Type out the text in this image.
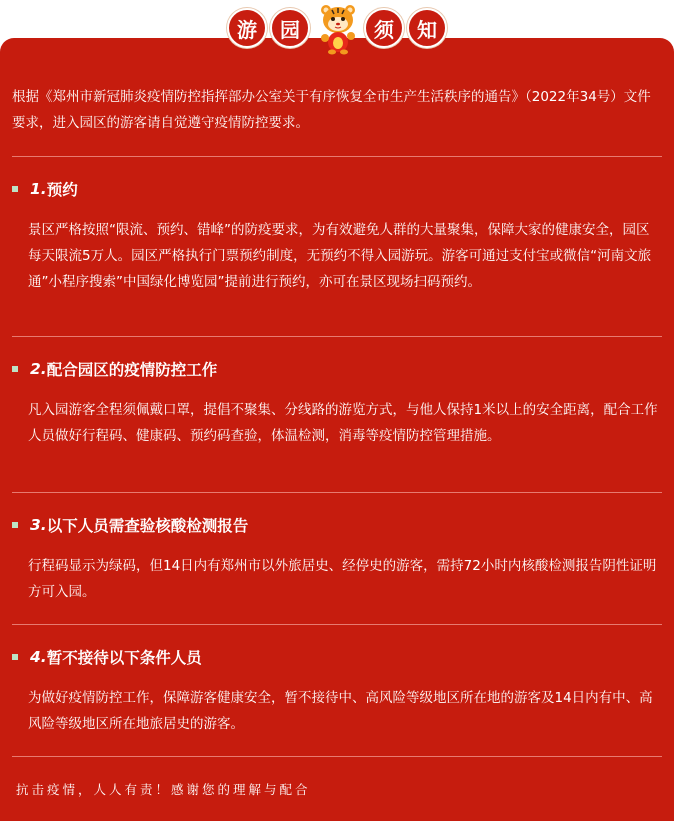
游	园	须	知
根据《郑州市新冠肺炎疫情防控指挥部办公室关于有序恢复全市生产生活秩序的通告》（2022年34号）文件要求，进入园区的游客请自觉遵守疫情防控要求。
1. 预约
景区严格按照“限流、预约、错峰”的防疫要求，为有效避免人群的大量聚集，保障大家的健康安全，园区每天限流5万人。园区严格执行门票预约制度，无预约不得入园游玩。游客可通过支付宝或微信“河南文旅通”小程序搜索”中国绿化博览园”提前进行预约，亦可在景区现场扫码预约。
2. 配合园区的疫情防控工作
凡入园游客全程须佩戴口罩，提倡不聚集、分线路的游览方式，与他人保持1米以上的安全距离，配合工作人员做好行程码、健康码、预约码查验，体温检测，消毒等疫情防控管理措施。
3. 以下人员需查验核酸检测报告
行程码显示为绿码，但14日内有郑州市以外旅居史、经停史的游客，需持72小时内核酸检测报告阴性证明方可入园。
4. 暂不接待以下条件人员
为做好疫情防控工作，保障游客健康安全，暂不接待中、高风险等级地区所在地的游客及14日内有中、高风险等级地区所在地旅居史的游客。
抗击疫情，人人有责！感谢您的理解与配合
